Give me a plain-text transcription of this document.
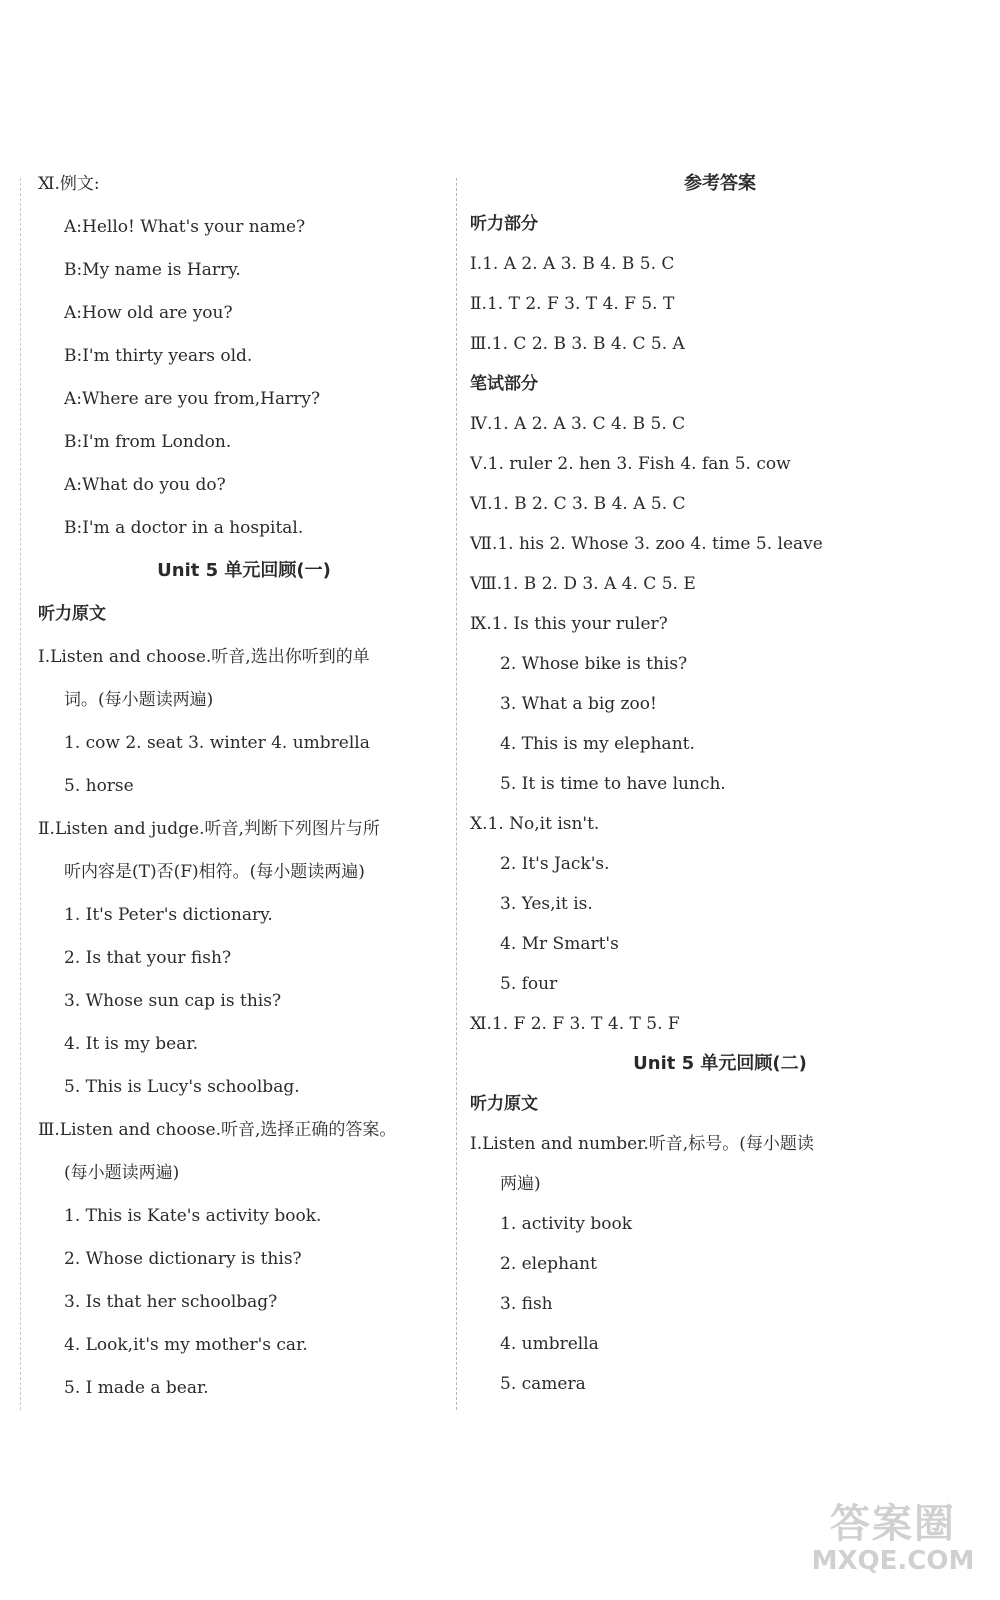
Ⅺ.例文:
A:Hello! What's your name?
B:My name is Harry.
A:How old are you?
B:I'm thirty years old.
A:Where are you from,Harry?
B:I'm from London.
A:What do you do?
B:I'm a doctor in a hospital.
Unit 5 单元回顾(一)
听力原文
Ⅰ.Listen and choose.听音,选出你听到的单
词。(每小题读两遍)
1. cow 2. seat 3. winter 4. umbrella
5. horse
Ⅱ.Listen and judge.听音,判断下列图片与所
听内容是(T)否(F)相符。(每小题读两遍)
1. It's Peter's dictionary.
2. Is that your fish?
3. Whose sun cap is this?
4. It is my bear.
5. This is Lucy's schoolbag.
Ⅲ.Listen and choose.听音,选择正确的答案。
(每小题读两遍)
1. This is Kate's activity book.
2. Whose dictionary is this?
3. Is that her schoolbag?
4. Look,it's my mother's car.
5. I made a bear.
参考答案
听力部分
Ⅰ.1. A 2. A 3. B 4. B 5. C
Ⅱ.1. T 2. F 3. T 4. F 5. T
Ⅲ.1. C 2. B 3. B 4. C 5. A
笔试部分
Ⅳ.1. A 2. A 3. C 4. B 5. C
Ⅴ.1. ruler 2. hen 3. Fish 4. fan 5. cow
Ⅵ.1. B 2. C 3. B 4. A 5. C
Ⅶ.1. his 2. Whose 3. zoo 4. time 5. leave
Ⅷ.1. B 2. D 3. A 4. C 5. E
Ⅸ.1. Is this your ruler?
2. Whose bike is this?
3. What a big zoo!
4. This is my elephant.
5. It is time to have lunch.
Ⅹ.1. No,it isn't.
2. It's Jack's.
3. Yes,it is.
4. Mr Smart's
5. four
Ⅺ.1. F 2. F 3. T 4. T 5. F
Unit 5 单元回顾(二)
听力原文
Ⅰ.Listen and number.听音,标号。(每小题读
两遍)
1. activity book
2. elephant
3. fish
4. umbrella
5. camera
答案圈
MXQE.COM
